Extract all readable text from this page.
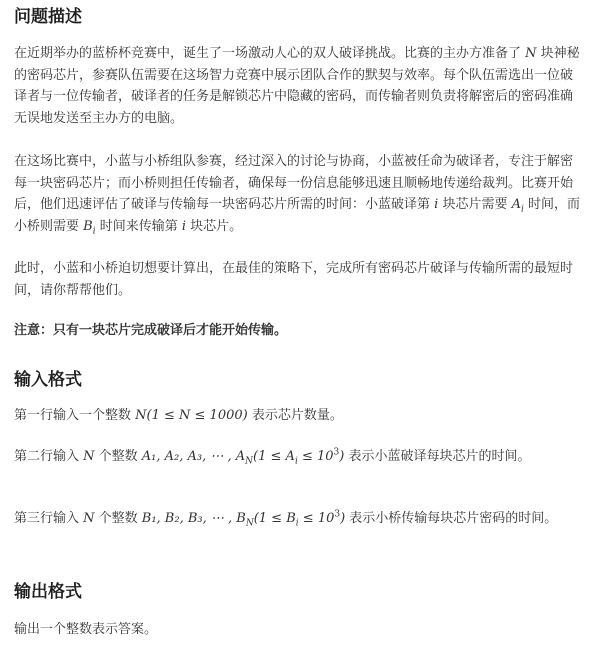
问题描述

在近期举办的蓝桥杯竞赛中，诞生了一场激动人心的双人破译挑战。比赛的主办方准备了 N 块神秘的密码芯片，参赛队伍需要在这场智力竞赛中展示团队合作的默契与效率。每个队伍需选出一位破译者与一位传输者，破译者的任务是解锁芯片中隐藏的密码，而传输者则负责将解密后的密码准确无误地发送至主办方的电脑。

在这场比赛中，小蓝与小桥组队参赛，经过深入的讨论与协商，小蓝被任命为破译者，专注于解密每一块密码芯片；而小桥则担任传输者，确保每一份信息能够迅速且顺畅地传递给裁判。比赛开始后，他们迅速评估了破译与传输每一块密码芯片所需的时间：小蓝破译第 i 块芯片需要 $A_i$ 时间，而小桥则需要 $B_i$ 时间来传输第 i 块芯片。

此时，小蓝和小桥迫切想要计算出，在最佳的策略下，完成所有密码芯片破译与传输所需的最短时间，请你帮帮他们。

注意：只有一块芯片完成破译后才能开始传输。

输入格式

第一行输入一个整数 N(1 ≤ N ≤ 1000) 表示芯片数量。

第二行输入 N 个整数 A₁, A₂, A₃, ⋯ , $A_N(1 \le A_i \le 10^3)$ 表示小蓝破译每块芯片的时间。

第三行输入 N 个整数 B₁, B₂, B₃, ⋯ , $B_N(1 \le B_i \le 10^3)$ 表示小桥传输每块芯片密码的时间。

输出格式

输出一个整数表示答案。
